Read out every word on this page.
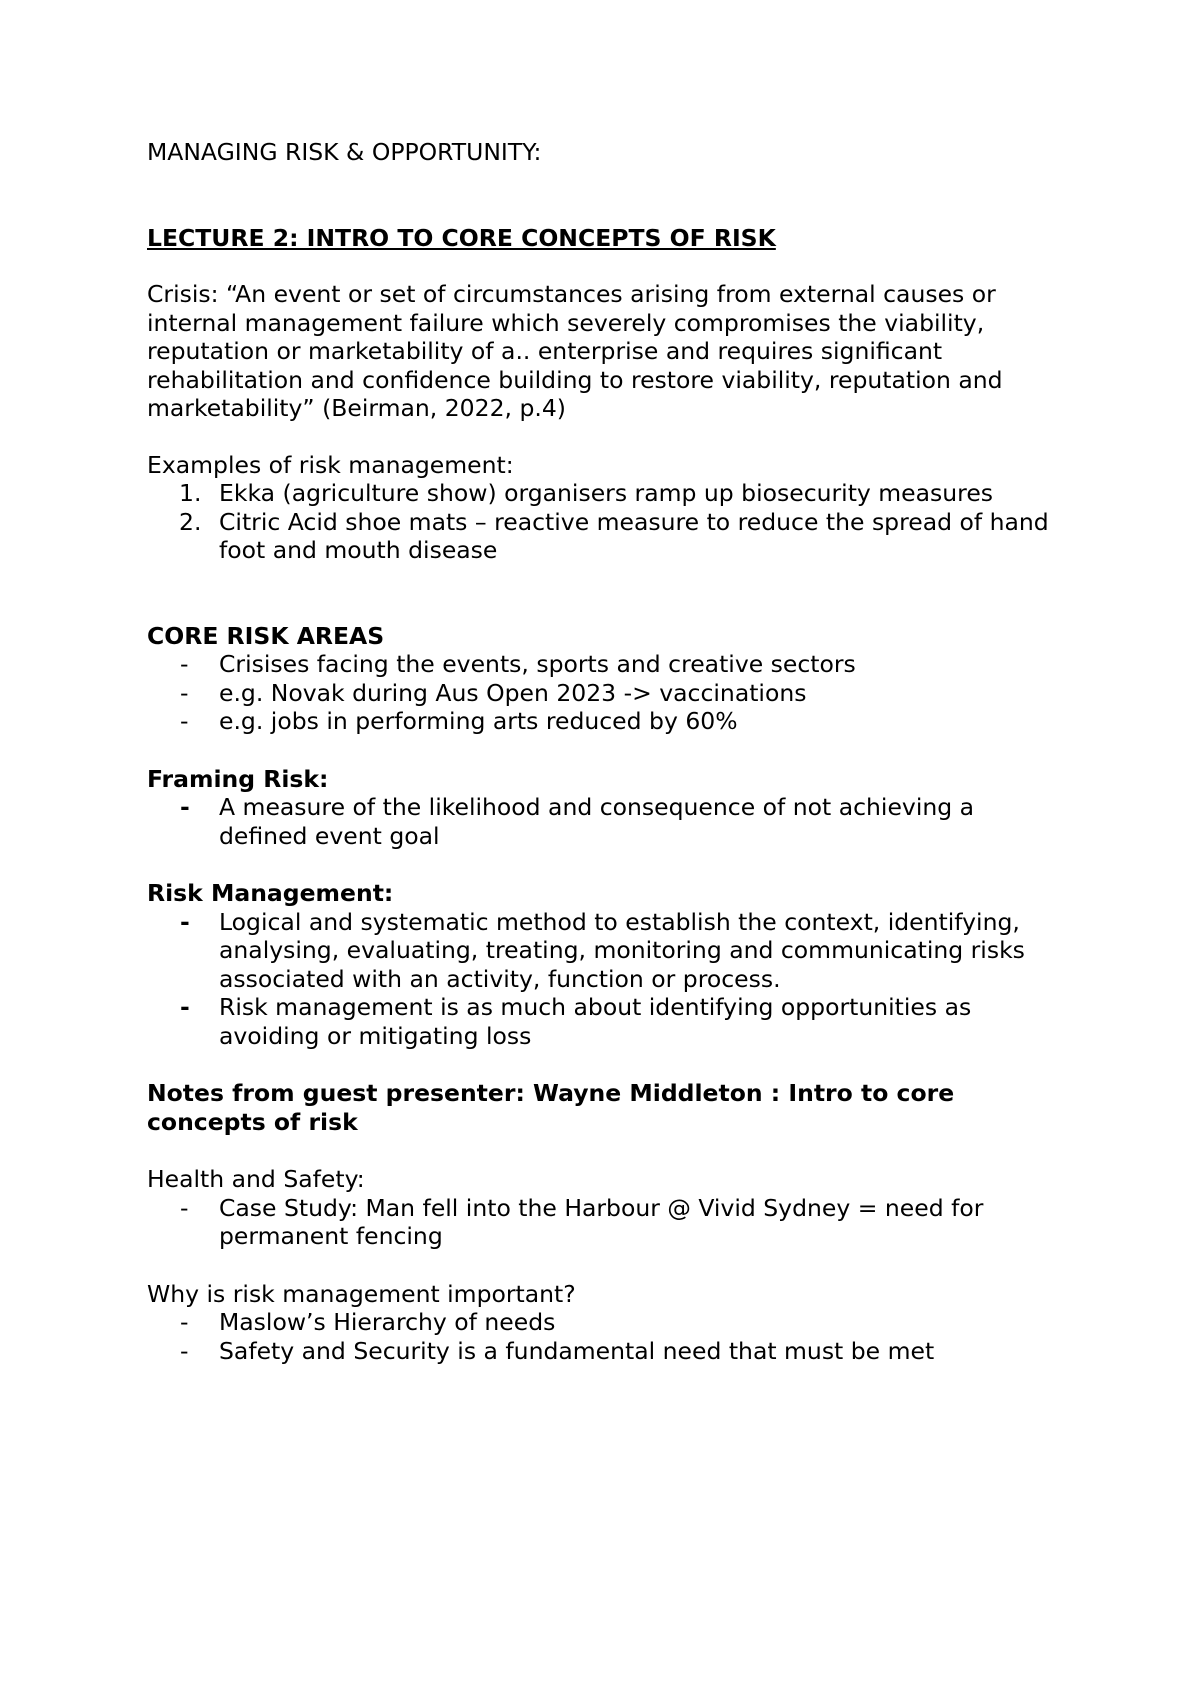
MANAGING RISK & OPPORTUNITY:

LECTURE 2: INTRO TO CORE CONCEPTS OF RISK

Crisis: “An event or set of circumstances arising from external causes or internal management failure which severely compromises the viability, reputation or marketability of a.. enterprise and requires significant rehabilitation and confidence building to restore viability, reputation and marketability” (Beirman, 2022, p.4)

Examples of risk management:

1. Ekka (agriculture show) organisers ramp up biosecurity measures
2. Citric Acid shoe mats – reactive measure to reduce the spread of hand foot and mouth disease

CORE RISK AREAS

- Crisises facing the events, sports and creative sectors
- e.g. Novak during Aus Open 2023 -> vaccinations
- e.g. jobs in performing arts reduced by 60%

Framing Risk:

- A measure of the likelihood and consequence of not achieving a defined event goal

Risk Management:

- Logical and systematic method to establish the context, identifying, analysing, evaluating, treating, monitoring and communicating risks associated with an activity, function or process.
- Risk management is as much about identifying opportunities as avoiding or mitigating loss

Notes from guest presenter: Wayne Middleton : Intro to core concepts of risk

Health and Safety:

- Case Study: Man fell into the Harbour @ Vivid Sydney = need for permanent fencing

Why is risk management important?

- Maslow’s Hierarchy of needs
- Safety and Security is a fundamental need that must be met
